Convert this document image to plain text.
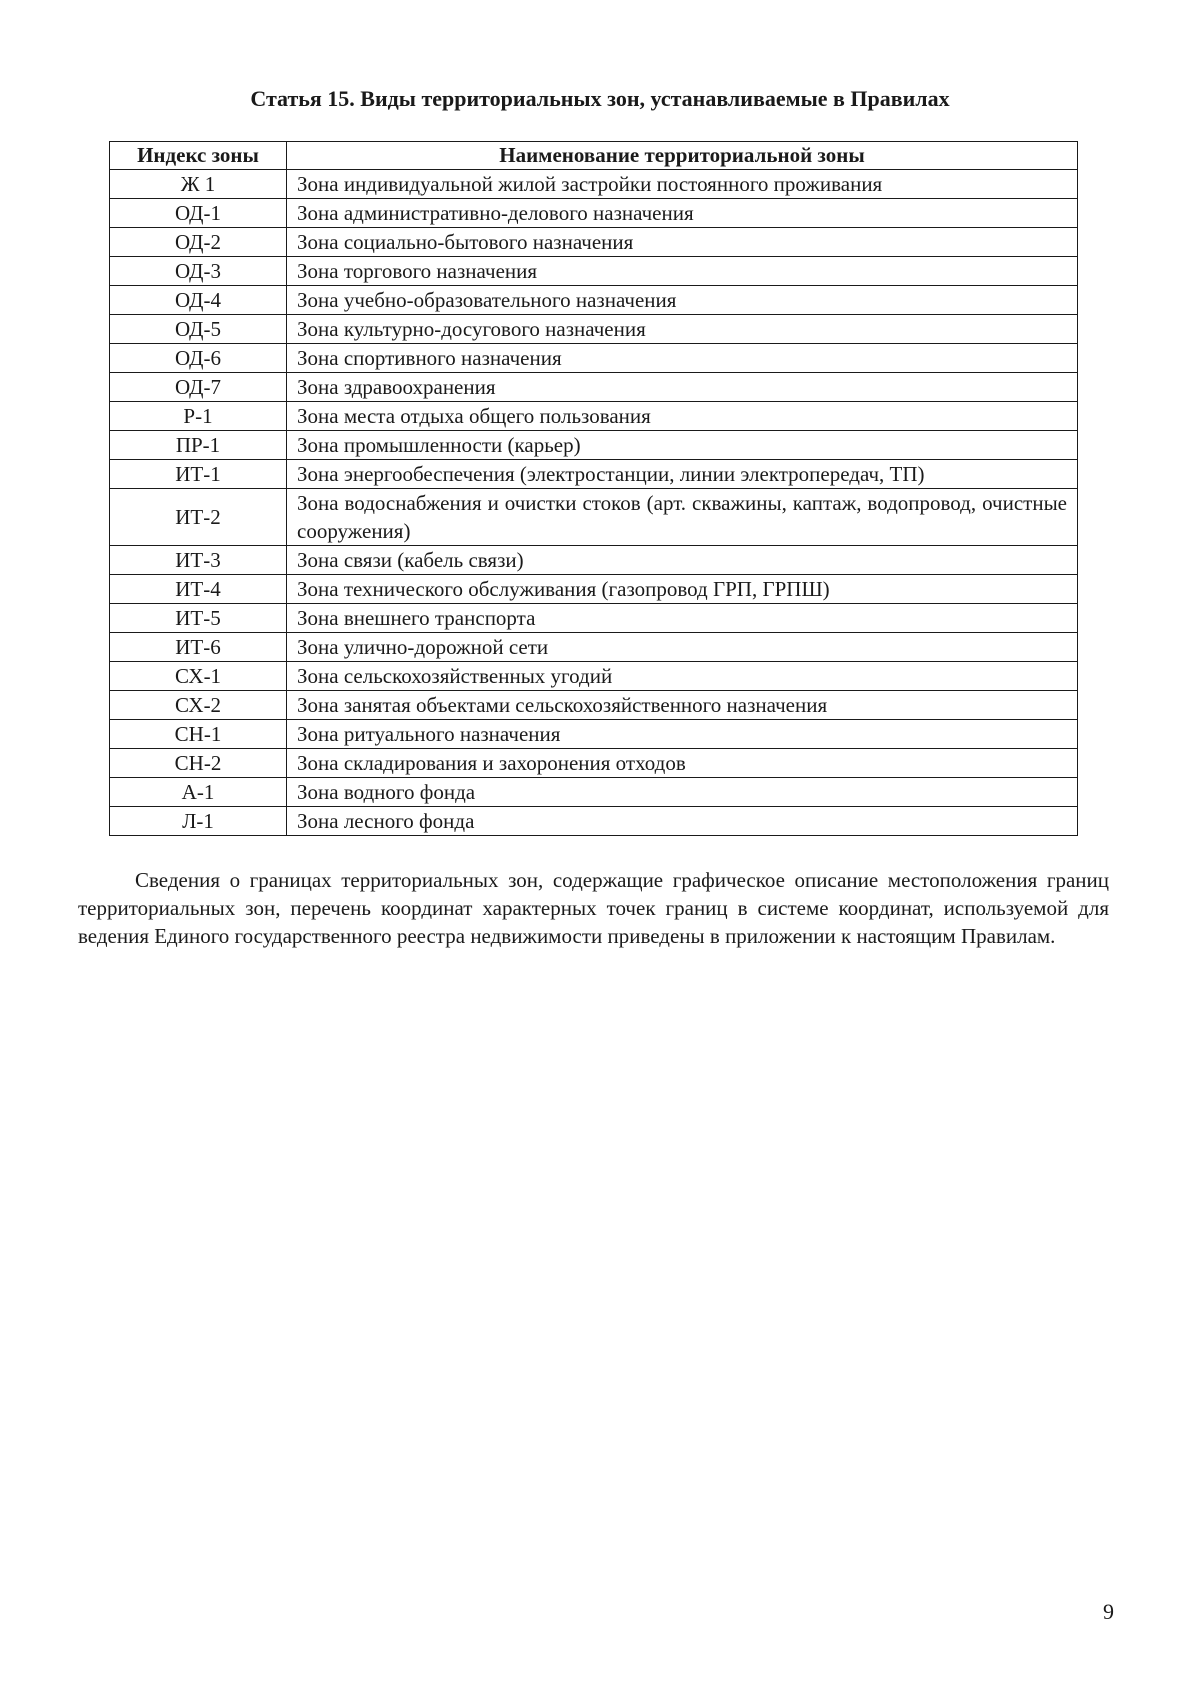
Статья 15. Виды территориальных зон, устанавливаемые в Правилах
Индекс зоны	Наименование территориальной зоны
Ж 1	Зона индивидуальной жилой застройки постоянного проживания
ОД-1	Зона административно-делового назначения
ОД-2	Зона социально-бытового назначения
ОД-3	Зона торгового назначения
ОД-4	Зона учебно-образовательного назначения
ОД-5	Зона культурно-досугового назначения
ОД-6	Зона спортивного назначения
ОД-7	Зона здравоохранения
Р-1	Зона места отдыха общего пользования
ПР-1	Зона промышленности (карьер)
ИТ-1	Зона энергообеспечения (электростанции, линии электропередач, ТП)
ИТ-2	Зона водоснабжения и очистки стоков (арт. скважины, каптаж, водопровод, очистные сооружения)
ИТ-3	Зона связи (кабель связи)
ИТ-4	Зона технического обслуживания (газопровод ГРП, ГРПШ)
ИТ-5	Зона внешнего транспорта
ИТ-6	Зона улично-дорожной сети
СХ-1	Зона сельскохозяйственных угодий
СХ-2	Зона занятая объектами сельскохозяйственного назначения
СН-1	Зона ритуального назначения
СН-2	Зона складирования и захоронения отходов
А-1	Зона водного фонда
Л-1	Зона лесного фонда

Сведения о границах территориальных зон, содержащие графическое описание местоположения границ территориальных зон, перечень координат характерных точек границ в системе координат, используемой для ведения Единого государственного реестра недвижимости приведены в приложении к настоящим Правилам.

9
